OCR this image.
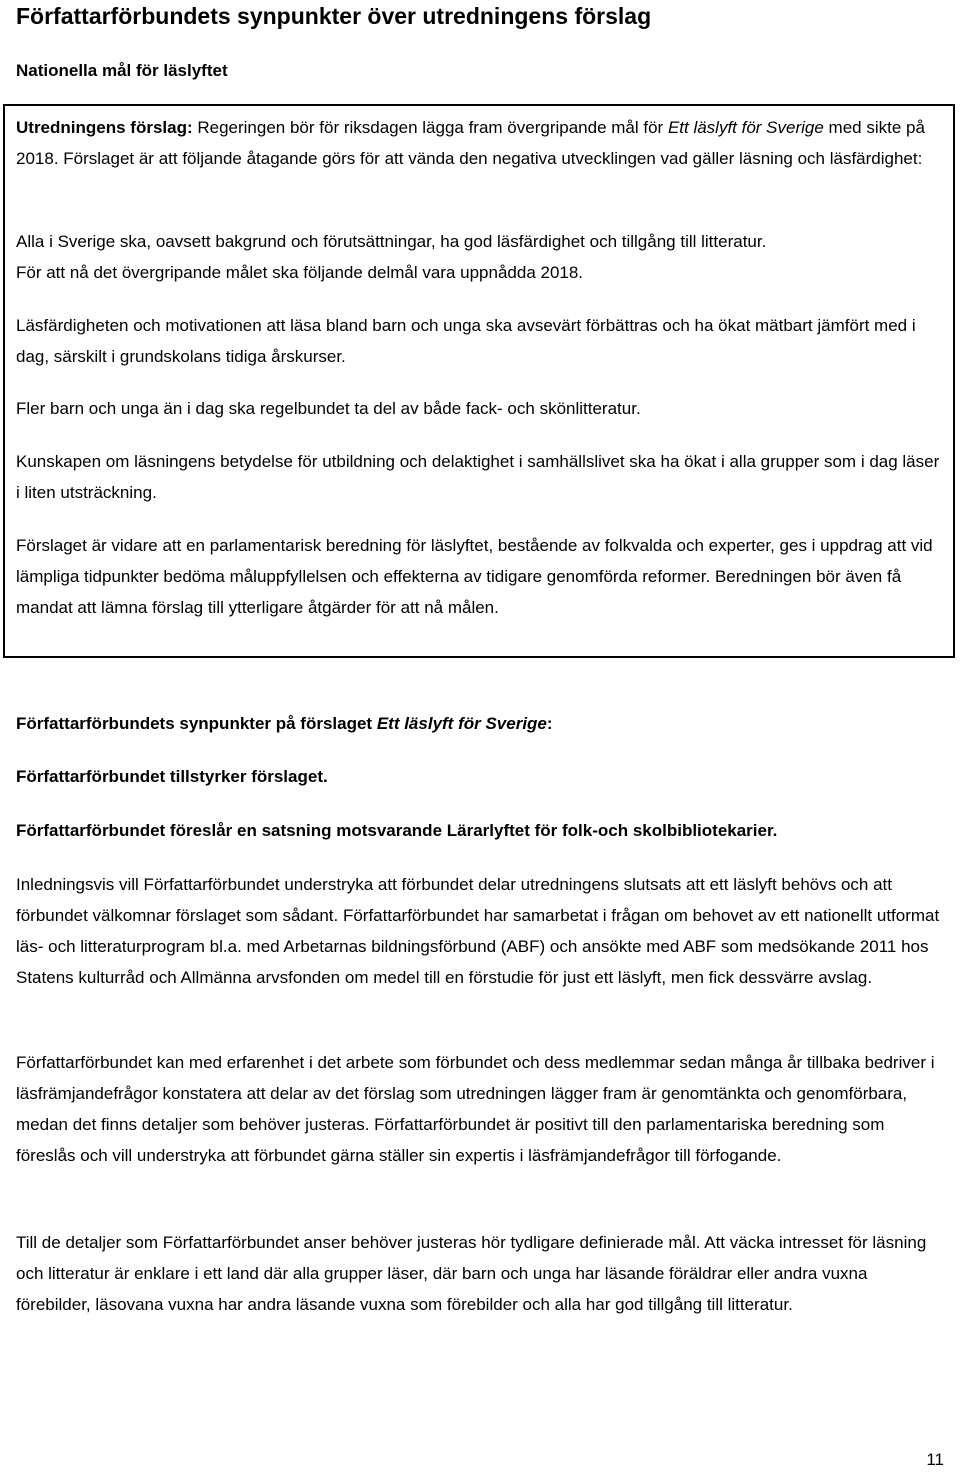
Författarförbundets synpunkter över utredningens förslag
Nationella mål för läslyftet

Utredningens förslag: Regeringen bör för riksdagen lägga fram övergripande mål för Ett läslyft för Sverige med sikte på 2018. Förslaget är att följande åtagande görs för att vända den negativa utvecklingen vad gäller läsning och läsfärdighet:

Alla i Sverige ska, oavsett bakgrund och förutsättningar, ha god läsfärdighet och tillgång till litteratur.

För att nå det övergripande målet ska följande delmål vara uppnådda 2018.

Läsfärdigheten och motivationen att läsa bland barn och unga ska avsevärt förbättras och ha ökat mätbart jämfört med i dag, särskilt i grundskolans tidiga årskurser.

Fler barn och unga än i dag ska regelbundet ta del av både fack- och skönlitteratur.

Kunskapen om läsningens betydelse för utbildning och delaktighet i samhällslivet ska ha ökat i alla grupper som i dag läser i liten utsträckning.

Förslaget är vidare att en parlamentarisk beredning för läslyftet, bestående av folkvalda och experter, ges i uppdrag att vid lämpliga tidpunkter bedöma måluppfyllelsen och effekterna av tidigare genomförda reformer. Beredningen bör även få mandat att lämna förslag till ytterligare åtgärder för att nå målen.

Författarförbundets synpunkter på förslaget Ett läslyft för Sverige:

Författarförbundet tillstyrker förslaget.

Författarförbundet föreslår en satsning motsvarande Lärarlyftet för folk-och skolbibliotekarier.

Inledningsvis vill Författarförbundet understryka att förbundet delar utredningens slutsats att ett läslyft behövs och att förbundet välkomnar förslaget som sådant. Författarförbundet har samarbetat i frågan om behovet av ett nationellt utformat läs- och litteraturprogram bl.a. med Arbetarnas bildningsförbund (ABF) och ansökte med ABF som medsökande 2011 hos Statens kulturråd och Allmänna arvsfonden om medel till en förstudie för just ett läslyft, men fick dessvärre avslag.

Författarförbundet kan med erfarenhet i det arbete som förbundet och dess medlemmar sedan många år tillbaka bedriver i läsfrämjandefrågor konstatera att delar av det förslag som utredningen lägger fram är genomtänkta och genomförbara, medan det finns detaljer som behöver justeras. Författarförbundet är positivt till den parlamentariska beredning som föreslås och vill understryka att förbundet gärna ställer sin expertis i läsfrämjandefrågor till förfogande.

Till de detaljer som Författarförbundet anser behöver justeras hör tydligare definierade mål. Att väcka intresset för läsning och litteratur är enklare i ett land där alla grupper läser, där barn och unga har läsande föräldrar eller andra vuxna förebilder, läsovana vuxna har andra läsande vuxna som förebilder och alla har god tillgång till litteratur.

11
